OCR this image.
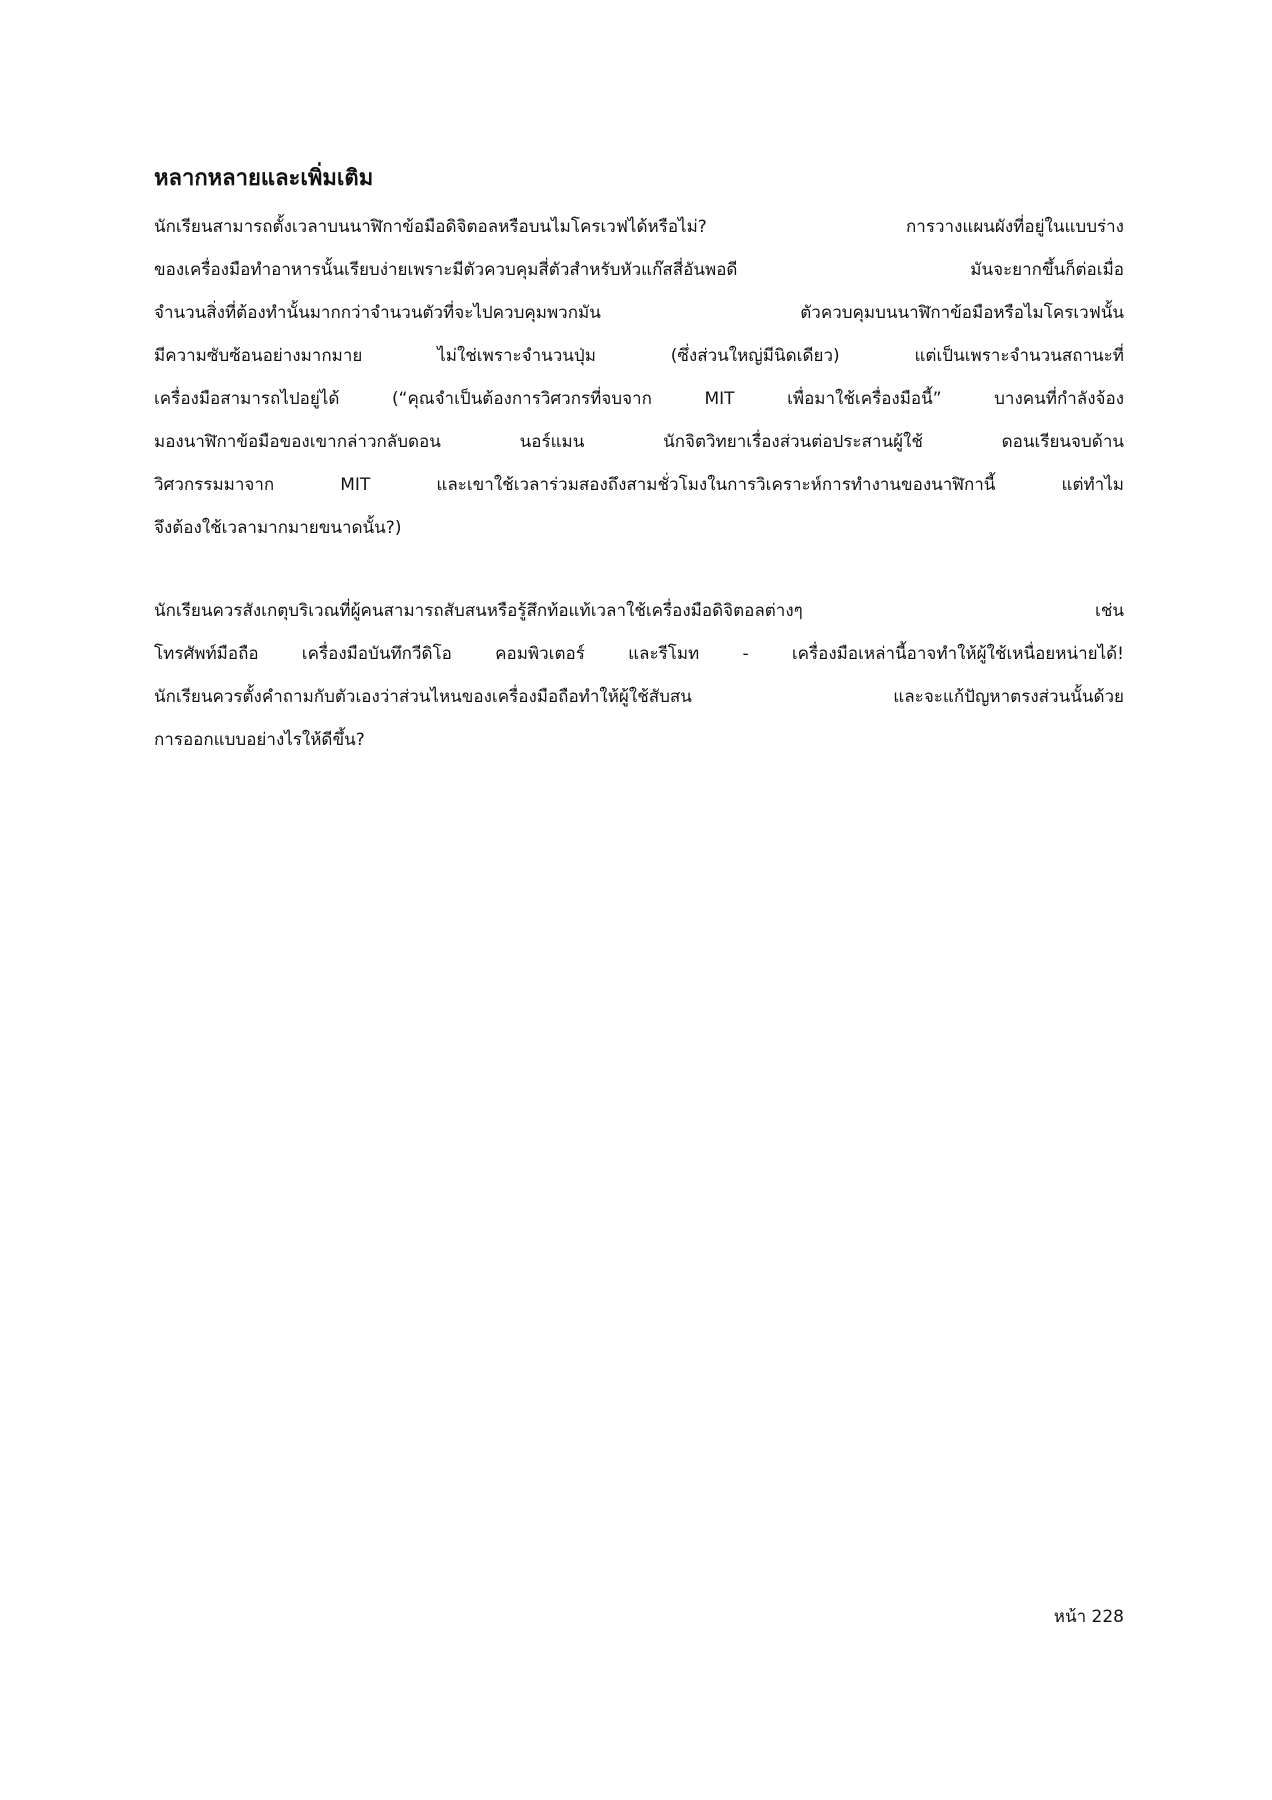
หลากหลายและเพิ่มเติม
นักเรียนสามารถตั้งเวลาบนนาฬิกาข้อมือดิจิตอลหรือบนไมโครเวฟได้หรือไม่? การวางแผนผังที่อยู่ในแบบร่าง
ของเครื่องมือทำอาหารนั้นเรียบง่ายเพราะมีตัวควบคุมสี่ตัวสำหรับหัวแก๊สสี่อันพอดี มันจะยากขึ้นก็ต่อเมื่อ
จำนวนสิ่งที่ต้องทำนั้นมากกว่าจำนวนตัวที่จะไปควบคุมพวกมัน ตัวควบคุมบนนาฬิกาข้อมือหรือไมโครเวฟนั้น
มีความซับซ้อนอย่างมากมาย ไม่ใช่เพราะจำนวนปุ่ม (ซึ่งส่วนใหญ่มีนิดเดียว) แต่เป็นเพราะจำนวนสถานะที่
เครื่องมือสามารถไปอยู่ได้ (“คุณจำเป็นต้องการวิศวกรที่จบจาก MIT เพื่อมาใช้เครื่องมือนี้” บางคนที่กำลังจ้อง
มองนาฬิกาข้อมือของเขากล่าวกลับดอน นอร์แมน นักจิตวิทยาเรื่องส่วนต่อประสานผู้ใช้ ดอนเรียนจบด้าน
วิศวกรรมมาจาก MIT และเขาใช้เวลาร่วมสองถึงสามชั่วโมงในการวิเคราะห์การทำงานของนาฬิกานี้ แต่ทำไม
จึงต้องใช้เวลามากมายขนาดนั้น?)
นักเรียนควรสังเกตุบริเวณที่ผู้คนสามารถสับสนหรือรู้สึกท้อแท้เวลาใช้เครื่องมือดิจิตอลต่างๆ เช่น
โทรศัพท์มือถือ เครื่องมือบันทึกวีดิโอ คอมพิวเตอร์ และรีโมท - เครื่องมือเหล่านี้อาจทำให้ผู้ใช้เหนื่อยหน่ายได้!
นักเรียนควรตั้งคำถามกับตัวเองว่าส่วนไหนของเครื่องมือถือทำให้ผู้ใช้สับสน และจะแก้ปัญหาตรงส่วนนั้นด้วย
การออกแบบอย่างไรให้ดีขึ้น?
หน้า 228
